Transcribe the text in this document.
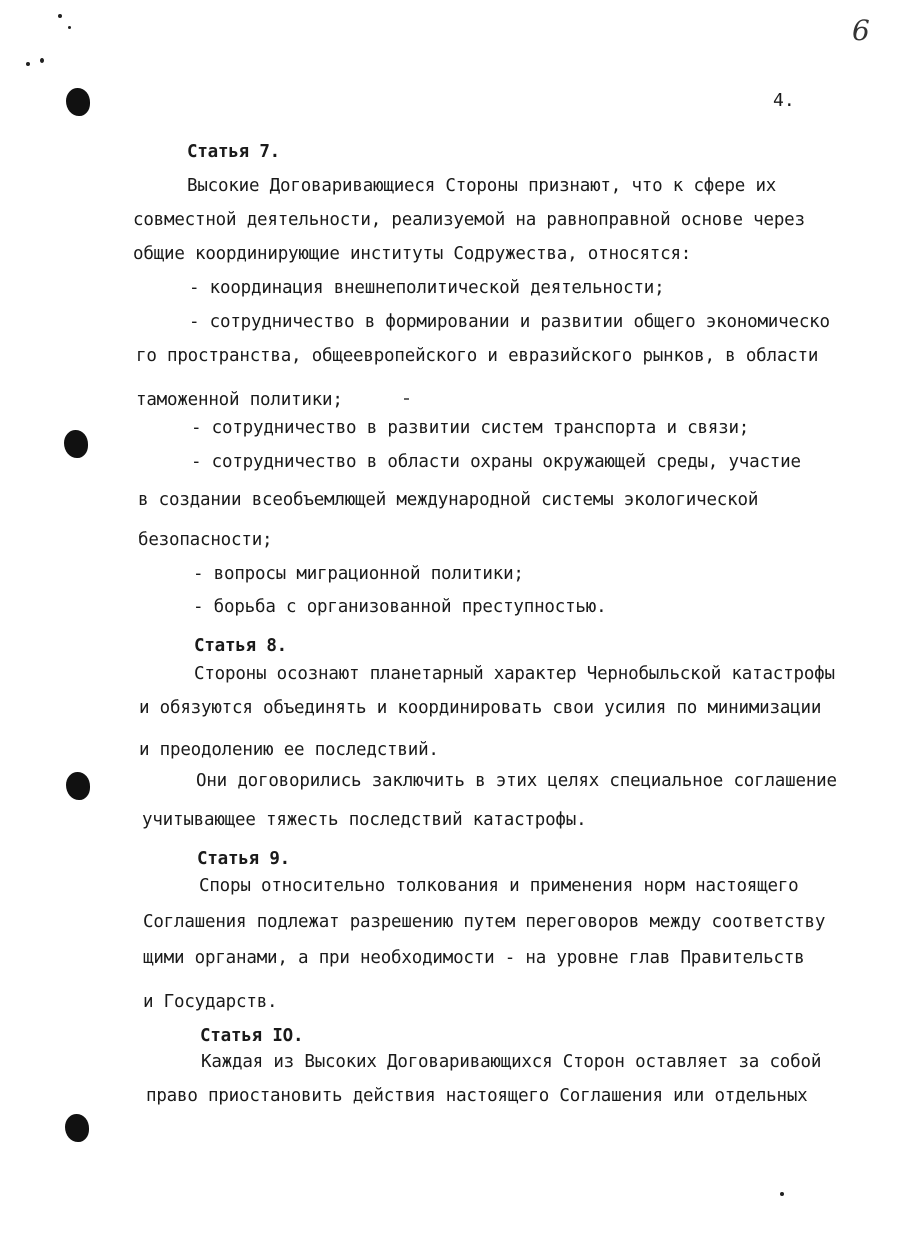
6
4.
Статья 7.
Высокие Договаривающиеся Стороны признают, что к сфере их
совместной деятельности, реализуемой на равноправной основе через
общие координирующие институты Содружества, относятся:
- координация внешнеполитической деятельности;
- сотрудничество в формировании и развитии общего экономическо
го пространства, общеевропейского и евразийского рынков, в области
таможенной политики;
- сотрудничество в развитии систем транспорта и связи;
- сотрудничество в области охраны окружающей среды, участие
в создании всеобъемлющей международной системы экологической
безопасности;
- вопросы миграционной политики;
- борьба с организованной преступностью.
Статья 8.
Стороны осознают планетарный характер Чернобыльской катастрофы
и обязуются объединять и координировать свои усилия по минимизации
и преодолению ее последствий.
Они договорились заключить в этих целях специальное соглашение
учитывающее тяжесть последствий катастрофы.
Статья 9.
Споры относительно толкования и применения норм настоящего
Соглашения подлежат разрешению путем переговоров между соответству
щими органами, а при необходимости - на уровне глав Правительств
и Государств.
Статья IO.
Каждая из Высоких Договаривающихся Сторон оставляет за собой
право приостановить действия настоящего Соглашения или отдельных
